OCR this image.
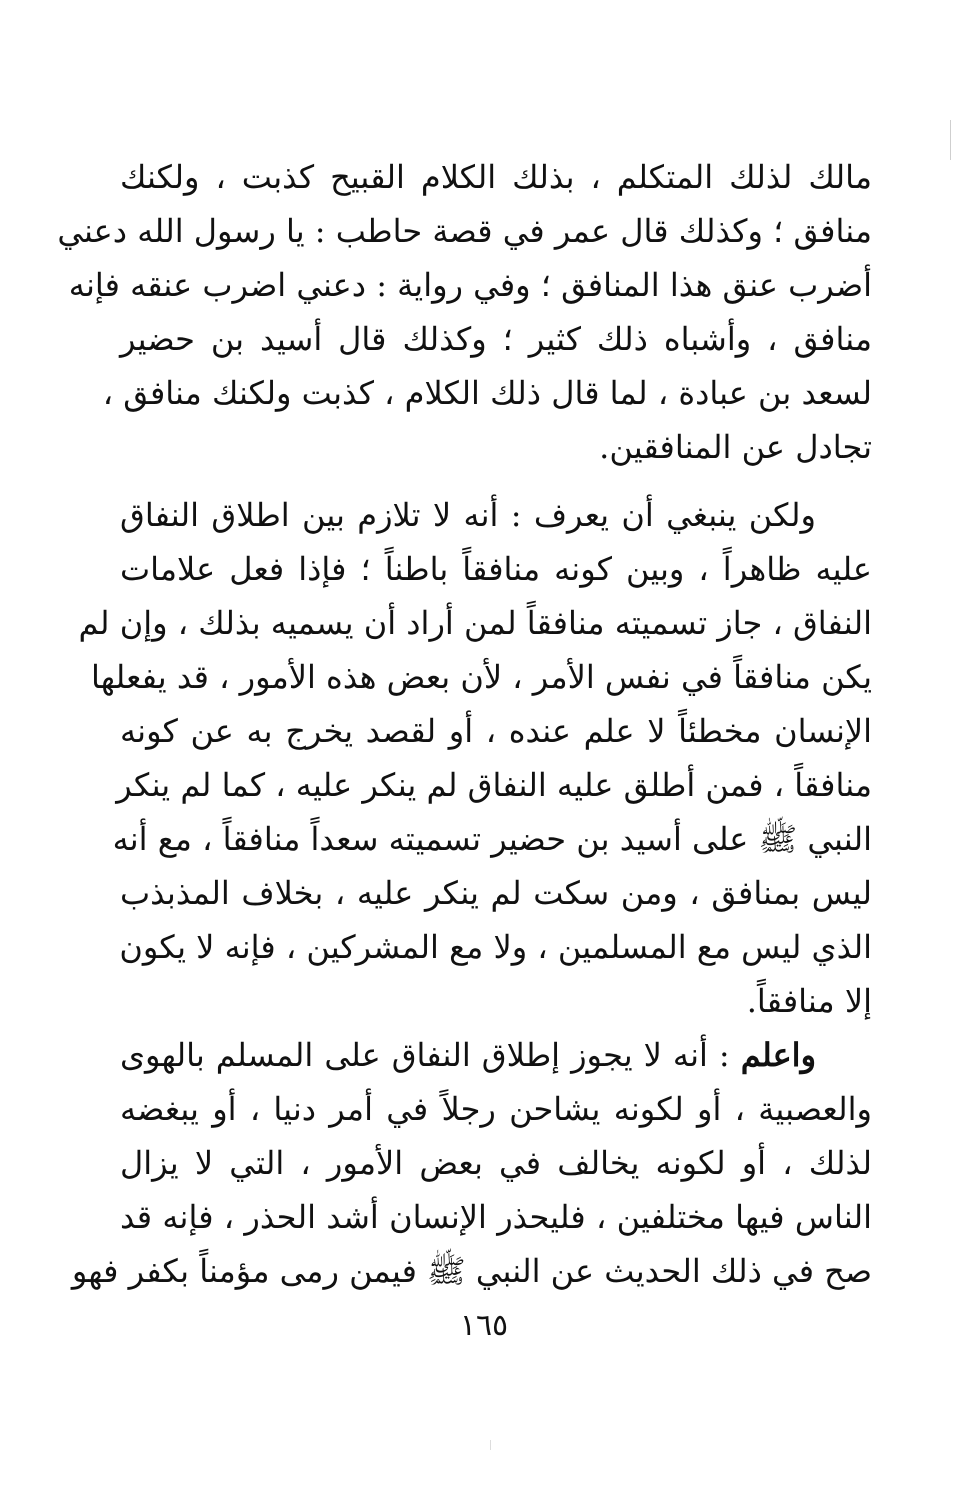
مالك لذلك المتكلم ، بذلك الكلام القبيح كذبت ، ولكنك
منافق ؛ وكذلك قال عمر في قصة حاطب : يا رسول الله دعني
أضرب عنق هذا المنافق ؛ وفي رواية : دعني اضرب عنقه فإنه
منافق ، وأشباه ذلك كثير ؛ وكذلك قال أسيد بن حضير
لسعد بن عبادة ، لما قال ذلك الكلام ، كذبت ولكنك منافق ،
تجادل عن المنافقين.
ولكن ينبغي أن يعرف : أنه لا تلازم بين اطلاق النفاق
عليه ظاهراً ، وبين كونه منافقاً باطناً ؛ فإذا فعل علامات
النفاق ، جاز تسميته منافقاً لمن أراد أن يسميه بذلك ، وإن لم
يكن منافقاً في نفس الأمر ، لأن بعض هذه الأمور ، قد يفعلها
الإنسان مخطئاً لا علم عنده ، أو لقصد يخرج به عن كونه
منافقاً ، فمن أطلق عليه النفاق لم ينكر عليه ، كما لم ينكر
النبي ﷺ على أسيد بن حضير تسميته سعداً منافقاً ، مع أنه
ليس بمنافق ، ومن سكت لم ينكر عليه ، بخلاف المذبذب
الذي ليس مع المسلمين ، ولا مع المشركين ، فإنه لا يكون
إلا منافقاً.
واعلم : أنه لا يجوز إطلاق النفاق على المسلم بالهوى
والعصبية ، أو لكونه يشاحن رجلاً في أمر دنيا ، أو يبغضه
لذلك ، أو لكونه يخالف في بعض الأمور ، التي لا يزال
الناس فيها مختلفين ، فليحذر الإنسان أشد الحذر ، فإنه قد
صح في ذلك الحديث عن النبي ﷺ فيمن رمى مؤمناً بكفر فهو
١٦٥
